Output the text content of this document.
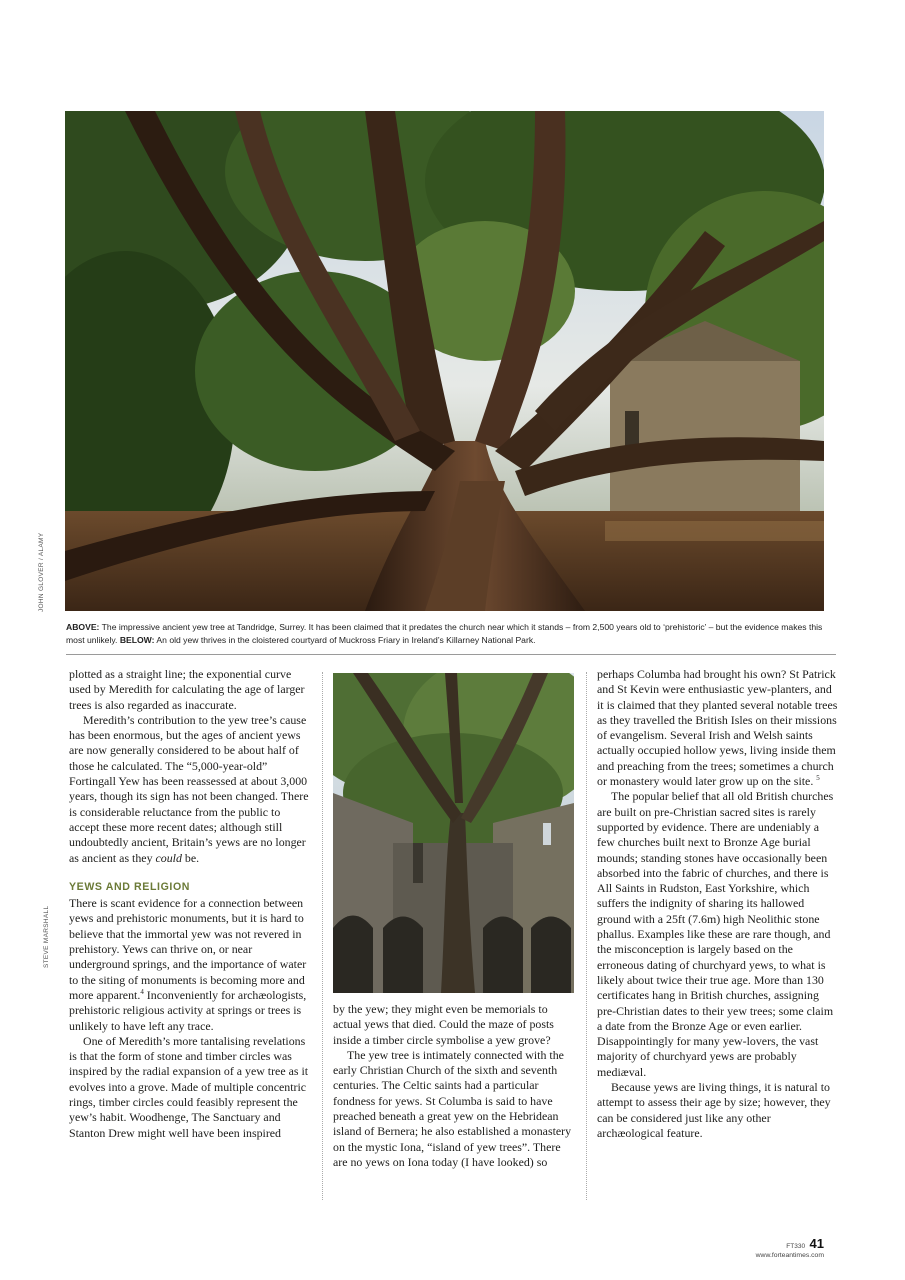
JOHN GLOVER / ALAMY
ABOVE: The impressive ancient yew tree at Tandridge, Surrey. It has been claimed that it predates the church near which it stands – from 2,500 years old to ‘prehistoric’ – but the evidence makes this most unlikely. BELOW: An old yew thrives in the cloistered courtyard of Muckross Friary in Ireland’s Killarney National Park.

plotted as a straight line; the exponential curve used by Meredith for calculating the age of larger trees is also regarded as inaccurate.

Meredith’s contribution to the yew tree’s cause has been enormous, but the ages of ancient yews are now generally considered to be about half of those he calculated. The “5,000-year-old” Fortingall Yew has been reassessed at about 3,000 years, though its sign has not been changed. There is considerable reluctance from the public to accept these more recent dates; although still undoubtedly ancient, Britain’s yews are no longer as ancient as they could be.

YEWS AND RELIGION

There is scant evidence for a connection between yews and prehistoric monuments, but it is hard to believe that the immortal yew was not revered in prehistory. Yews can thrive on, or near underground springs, and the importance of water to the siting of monuments is becoming more and more apparent.$^4$ Inconveniently for archæologists, prehistoric religious activity at springs or trees is unlikely to have left any trace.

One of Meredith’s more tantalising revelations is that the form of stone and timber circles was inspired by the radial expansion of a yew tree as it evolves into a grove. Made of multiple concentric rings, timber circles could feasibly represent the yew’s habit. Woodhenge, The Sanctuary and Stanton Drew might well have been inspired

STEVE MARSHALL

by the yew; they might even be memorials to actual yews that died. Could the maze of posts inside a timber circle symbolise a yew grove?

The yew tree is intimately connected with the early Christian Church of the sixth and seventh centuries. The Celtic saints had a particular fondness for yews. St Columba is said to have preached beneath a great yew on the Hebridean island of Bernera; he also established a monastery on the mystic Iona, “island of yew trees”. There are no yews on Iona today (I have looked) so

perhaps Columba had brought his own? St Patrick and St Kevin were enthusiastic yew-planters, and it is claimed that they planted several notable trees as they travelled the British Isles on their missions of evangelism. Several Irish and Welsh saints actually occupied hollow yews, living inside them and preaching from the trees; sometimes a church or monastery would later grow up on the site. $^5$

The popular belief that all old British churches are built on pre-Christian sacred sites is rarely supported by evidence. There are undeniably a few churches built next to Bronze Age burial mounds; standing stones have occasionally been absorbed into the fabric of churches, and there is All Saints in Rudston, East Yorkshire, which suffers the indignity of sharing its hallowed ground with a 25ft (7.6m) high Neolithic stone phallus. Examples like these are rare though, and the misconception is largely based on the erroneous dating of churchyard yews, to what is likely about twice their true age. More than 130 certificates hang in British churches, assigning pre-Christian dates to their yew trees; some claim a date from the Bronze Age or even earlier. Disappointingly for many yew-lovers, the vast majority of churchyard yews are probably mediæval.

Because yews are living things, it is natural to attempt to assess their age by size; however, they can be considered just like any other archæological feature.

FT330 41
www.forteantimes.com
